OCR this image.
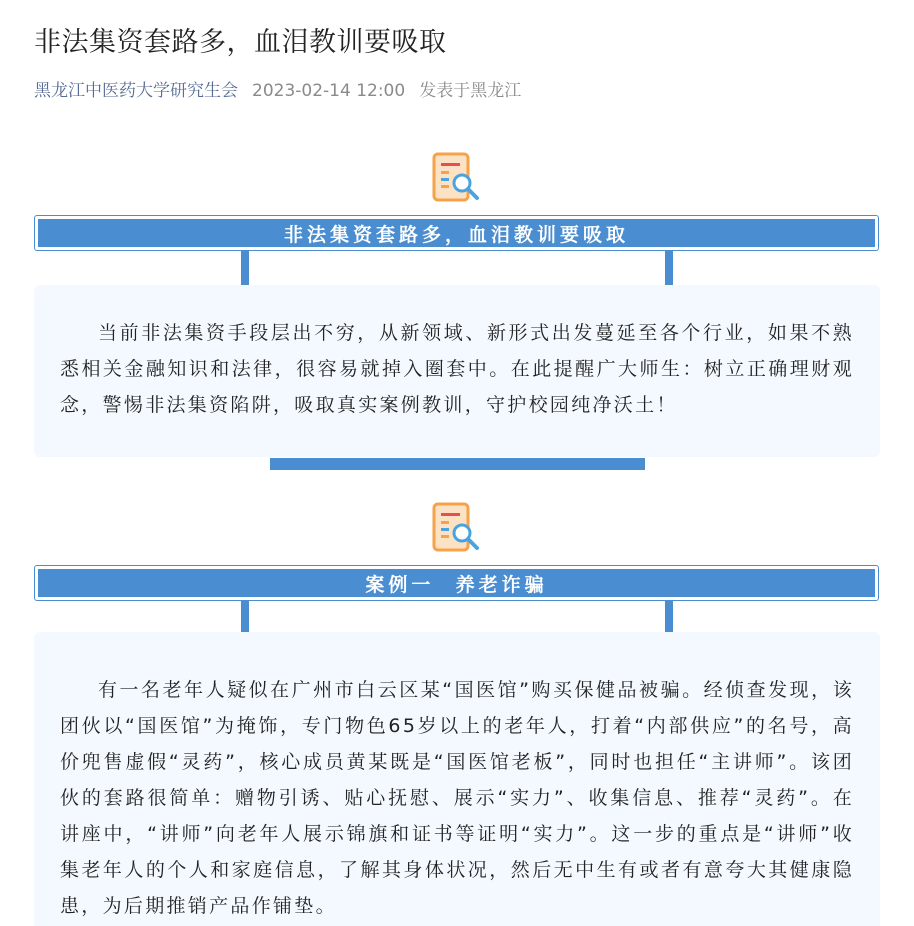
非法集资套路多，血泪教训要吸取
黑龙江中医药大学研究生会 2023-02-14 12:00 发表于黑龙江
非法集资套路多，血泪教训要吸取

当前非法集资手段层出不穷，从新领域、新形式出发蔓延至各个行业，如果不熟悉相关金融知识和法律，很容易就掉入圈套中。在此提醒广大师生：树立正确理财观念，警惕非法集资陷阱，吸取真实案例教训，守护校园纯净沃土！

案例一  养老诈骗

有一名老年人疑似在广州市白云区某“国医馆”购买保健品被骗。经侦查发现，该团伙以“国医馆”为掩饰，专门物色65岁以上的老年人，打着“内部供应”的名号，高价兜售虚假“灵药”，核心成员黄某既是“国医馆老板”，同时也担任“主讲师”。该团伙的套路很简单：赠物引诱、贴心抚慰、展示“实力”、收集信息、推荐“灵药”。在讲座中，“讲师”向老年人展示锦旗和证书等证明“实力”。这一步的重点是“讲师”收集老年人的个人和家庭信息，了解其身体状况，然后无中生有或者有意夸大其健康隐患，为后期推销产品作铺垫。
